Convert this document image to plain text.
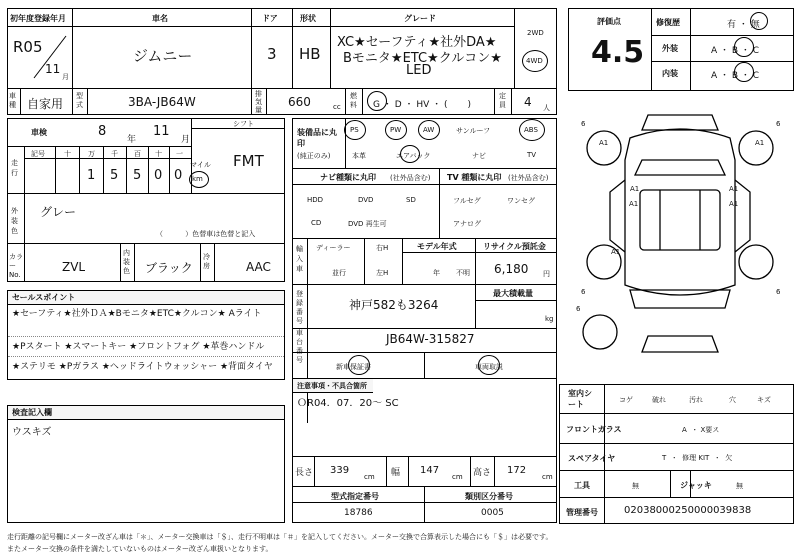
初年度登録年月	車名	ドア	形状	グレード
R05
11
月
ジムニー	3 HB
XC★セーフティ★社外DA★
Bモニタ★ETC★クルコン★
LED
2WD
4WD
評価点
4.5
修復歴	有 ・ 無
外装	A ・ B ・ C
内装	A ・ B ・ C
車種 自家用
型式	3BA-JB64W
排気量
660	cc
燃料 G ・ D ・ HV ・ (       )
定員 4 人
車検	8
年
11
月
シフト
FMT
走行
記号	十 万 千 百 十 一
マイル
1 5 5 0 0 km
外装色
グレー
（          ）色替車は色替と記入
カラーNo.
ZVL
内装色 ブラック
冷房	AAC
セールスポイント
★セーフティ★社外ＤＡ★Bモニタ★ETC★クルコン★ Aライト
★Pスタート ★スマートキー ★フロントフォグ ★革巻ハンドル
★ステリモ ★Pガラス ★ヘッドライトウォッシャー ★背面タイヤ
検査記入欄
ウスキズ
装備品に丸印
(純正のみ)
PS	PW	AW	サンルーフ	ABS
本革	エアバック	ナビ	TV
ナビ種類に丸印 (社外品含む)
HDD	DVD	SD
CD	DVD 再生可
TV 種類に丸印 (社外品含む)
フルセグ	ワンセグ
アナログ
輸入車
ディーラー
並行
右H
左H
モデル年式
年 不明
リサイクル預託金
6,180 円
登録番号
神戸582も3264
最大積載量
kg
車台番号
JB64W-315827
新車保証書	車両取説
注意事項・不具合箇所
ＯR04．07．20～ SC
長さ 339
cm 幅 147
cm 高さ 172
cm
型式指定番号
18786
類別区分番号
0005
6	6
6	6
6
A1	A1
A1	A1
A1	A1
A1
室内シート	コゲ	破れ	汚れ	穴	キズ
フロントガラス	A  ・ X要ス
スペアタイヤ	T  ・  修理 KIT  ・  欠
工具	無	ジャッキ	無
管理番号	02038000250000039838
走行距離の記号欄にメーター改ざん車は「＊」、メーター交換車は「＄」、走行不明車は「＃」を記入してください。メーター交換で合算表示した場合にも「＄」は必要です。
またメーター交換の条件を満たしていないものはメーター改ざん車扱いとなります。
